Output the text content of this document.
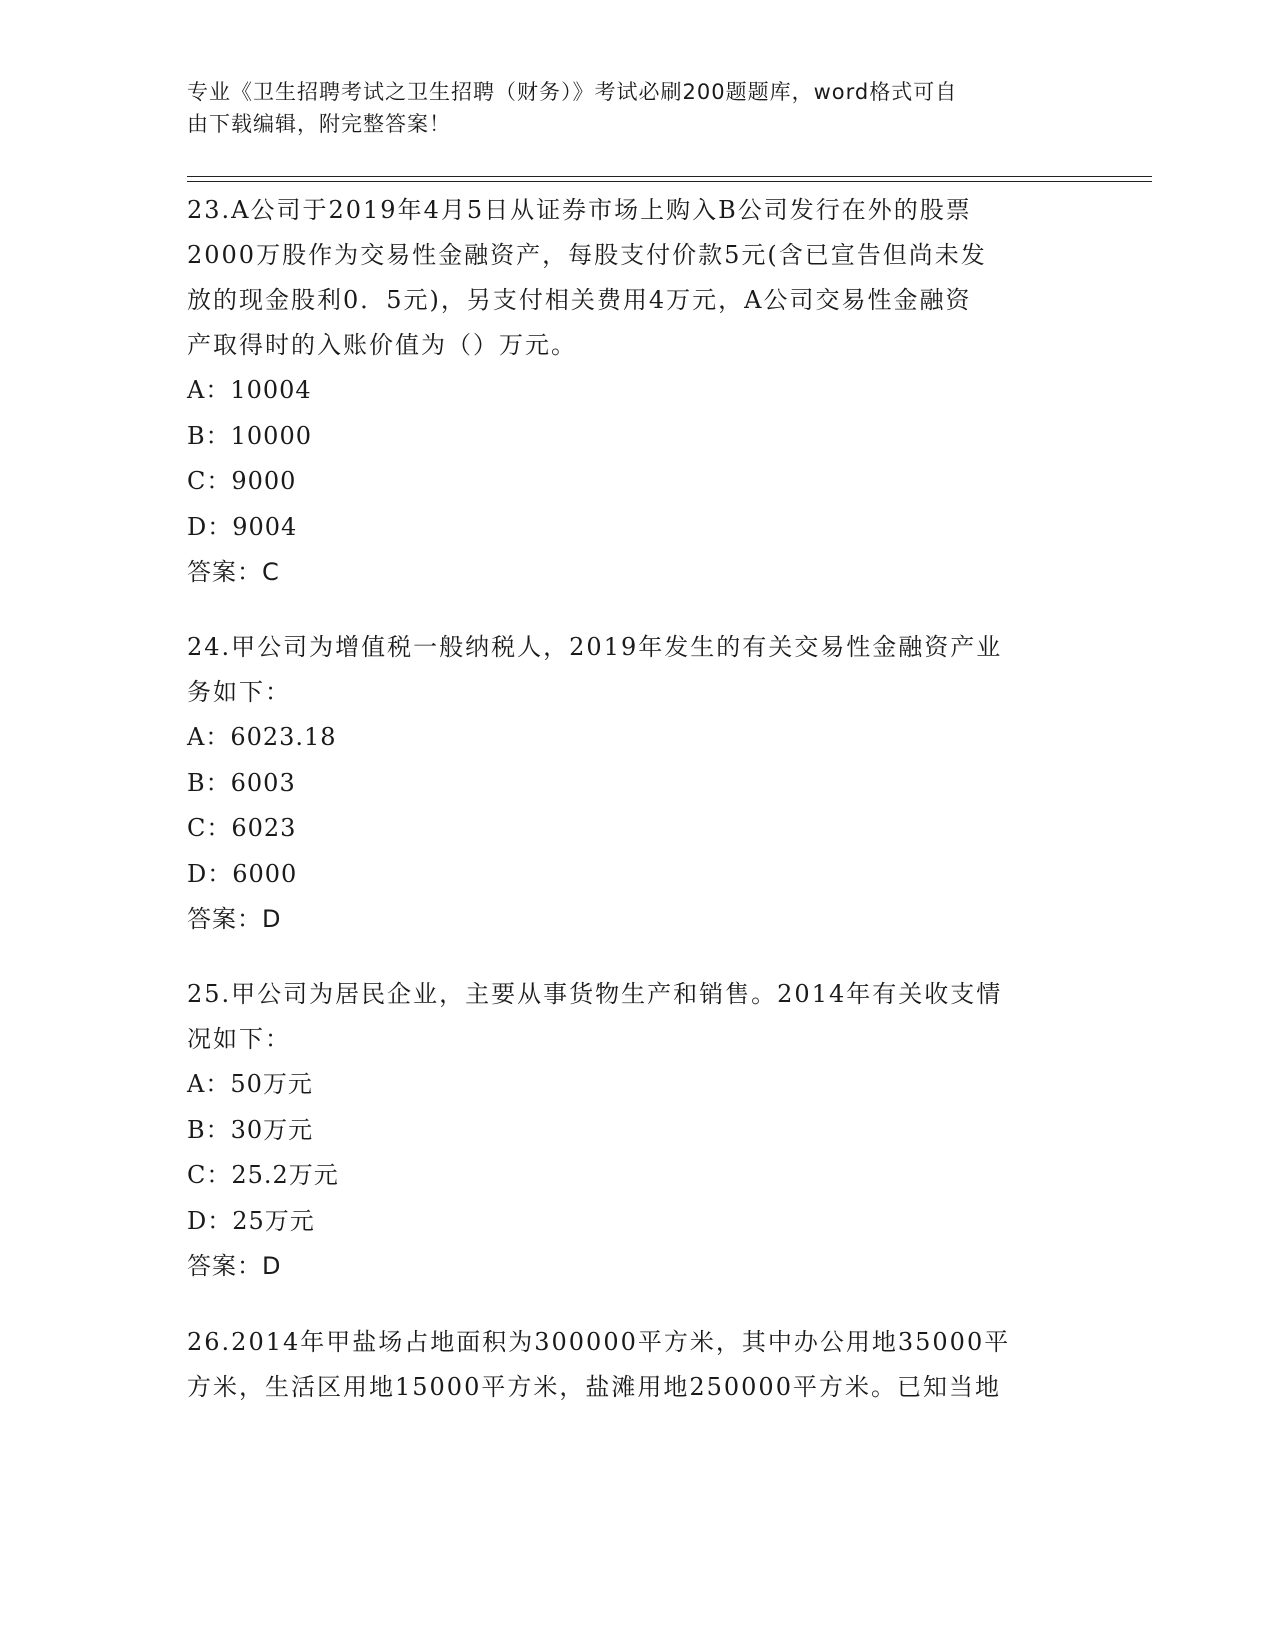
专业《卫生招聘考试之卫生招聘（财务）》考试必刷200题题库，word格式可自
由下载编辑，附完整答案！

23.A公司于2019年4月5日从证券市场上购入B公司发行在外的股票
2000万股作为交易性金融资产，每股支付价款5元(含已宣告但尚未发
放的现金股利0．5元)，另支付相关费用4万元，A公司交易性金融资
产取得时的入账价值为（）万元。

A：10004

B：10000

C：9000

D：9004

答案：C

24.甲公司为增值税一般纳税人，2019年发生的有关交易性金融资产业
务如下：

A：6023.18

B：6003

C：6023

D：6000

答案：D

25.甲公司为居民企业，主要从事货物生产和销售。2014年有关收支情
况如下：

A：50万元

B：30万元

C：25.2万元

D：25万元

答案：D

26.2014年甲盐场占地面积为300000平方米，其中办公用地35000平
方米，生活区用地15000平方米，盐滩用地250000平方米。已知当地
